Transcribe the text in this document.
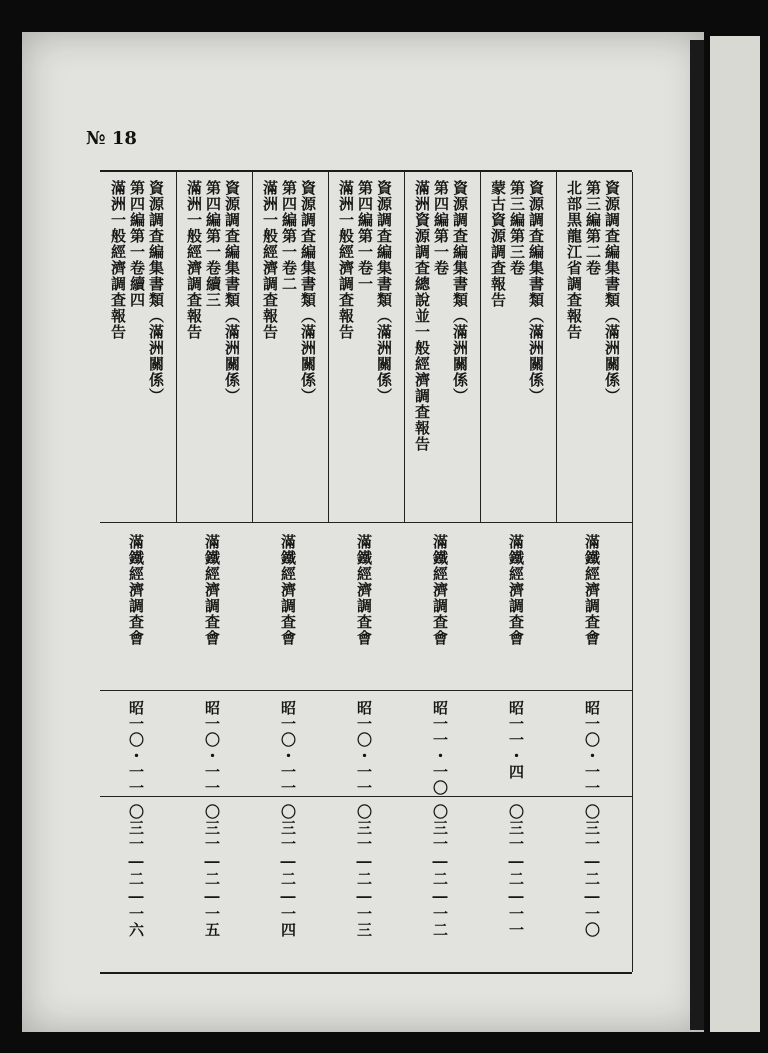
№ 18
資源調査編集書類（滿洲關係）
第三編第二卷
北部黒龍江省調査報告
滿鐵經濟調査會
昭一〇・一一
〇三一―二―一〇
資源調査編集書類（滿洲關係）
第三編第三卷
蒙古資源調査報告
滿鐵經濟調査會
昭一一・四
〇三一―二―一一
資源調査編集書類（滿洲關係）
第四編第一卷
滿洲資源調査總說並一般經濟調査報告
滿鐵經濟調査會
昭一一・一〇
〇三一―二―一二
資源調査編集書類（滿洲關係）
第四編第一卷一
滿洲一般經濟調査報告
滿鐵經濟調査會
昭一〇・一一
〇三一―二―一三
資源調査編集書類（滿洲關係）
第四編第一卷二
滿洲一般經濟調査報告
滿鐵經濟調査會
昭一〇・一一
〇三一―二―一四
資源調査編集書類（滿洲關係）
第四編第一卷續三
滿洲一般經濟調査報告
滿鐵經濟調査會
昭一〇・一一
〇三一―二―一五
資源調査編集書類（滿洲關係）
第四編第一卷續四
滿洲一般經濟調査報告
滿鐵經濟調査會
昭一〇・一一
〇三一―二―一六
